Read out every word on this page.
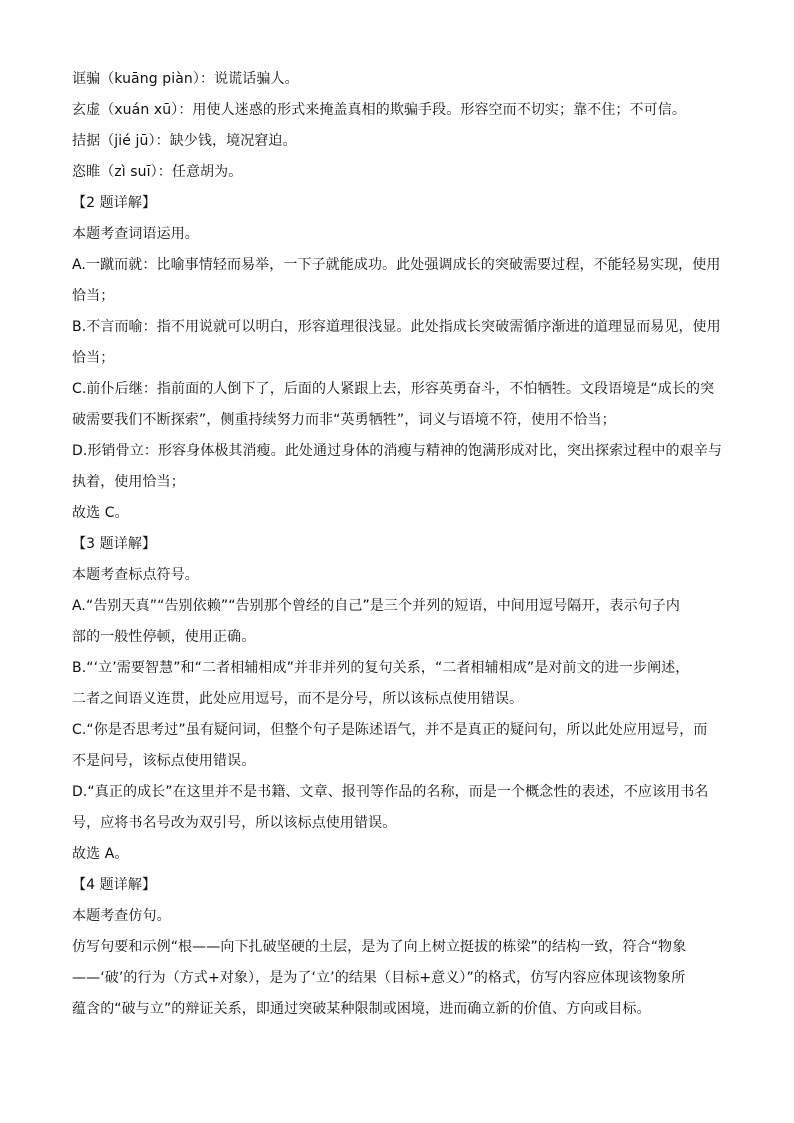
诓骗（kuāng piàn）：说谎话骗人。
玄虚（xuán xū）：用使人迷惑的形式来掩盖真相的欺骗手段。形容空而不切实；靠不住；不可信。
拮据（jié jū）：缺少钱，境况窘迫。
恣睢（zì suī）：任意胡为。
【2 题详解】
本题考查词语运用。
A.一蹴而就：比喻事情轻而易举，一下子就能成功。此处强调成长的突破需要过程，不能轻易实现，使用
恰当；
B.不言而喻：指不用说就可以明白，形容道理很浅显。此处指成长突破需循序渐进的道理显而易见，使用
恰当；
C.前仆后继：指前面的人倒下了，后面的人紧跟上去，形容英勇奋斗，不怕牺牲。文段语境是“成长的突
破需要我们不断探索”，侧重持续努力而非“英勇牺牲”，词义与语境不符，使用不恰当；
D.形销骨立：形容身体极其消瘦。此处通过身体的消瘦与精神的饱满形成对比，突出探索过程中的艰辛与
执着，使用恰当；
故选 C。
【3 题详解】
本题考查标点符号。
A.“告别天真”“告别依赖”“告别那个曾经的自己”是三个并列的短语，中间用逗号隔开，表示句子内
部的一般性停顿，使用正确。
B.“‘立’需要智慧”和“二者相辅相成”并非并列的复句关系，“二者相辅相成”是对前文的进一步阐述，
二者之间语义连贯，此处应用逗号，而不是分号，所以该标点使用错误。
C.“你是否思考过”虽有疑问词，但整个句子是陈述语气，并不是真正的疑问句，所以此处应用逗号，而
不是问号，该标点使用错误。
D.“真正的成长”在这里并不是书籍、文章、报刊等作品的名称，而是一个概念性的表述，不应该用书名
号，应将书名号改为双引号，所以该标点使用错误。
故选 A。
【4 题详解】
本题考查仿句。
仿写句要和示例“根——向下扎破坚硬的土层，是为了向上树立挺拔的栋梁”的结构一致，符合“物象
——‘破’的行为（方式+对象），是为了‘立’的结果（目标+意义）”的格式，仿写内容应体现该物象所
蕴含的“破与立”的辩证关系，即通过突破某种限制或困境，进而确立新的价值、方向或目标。
